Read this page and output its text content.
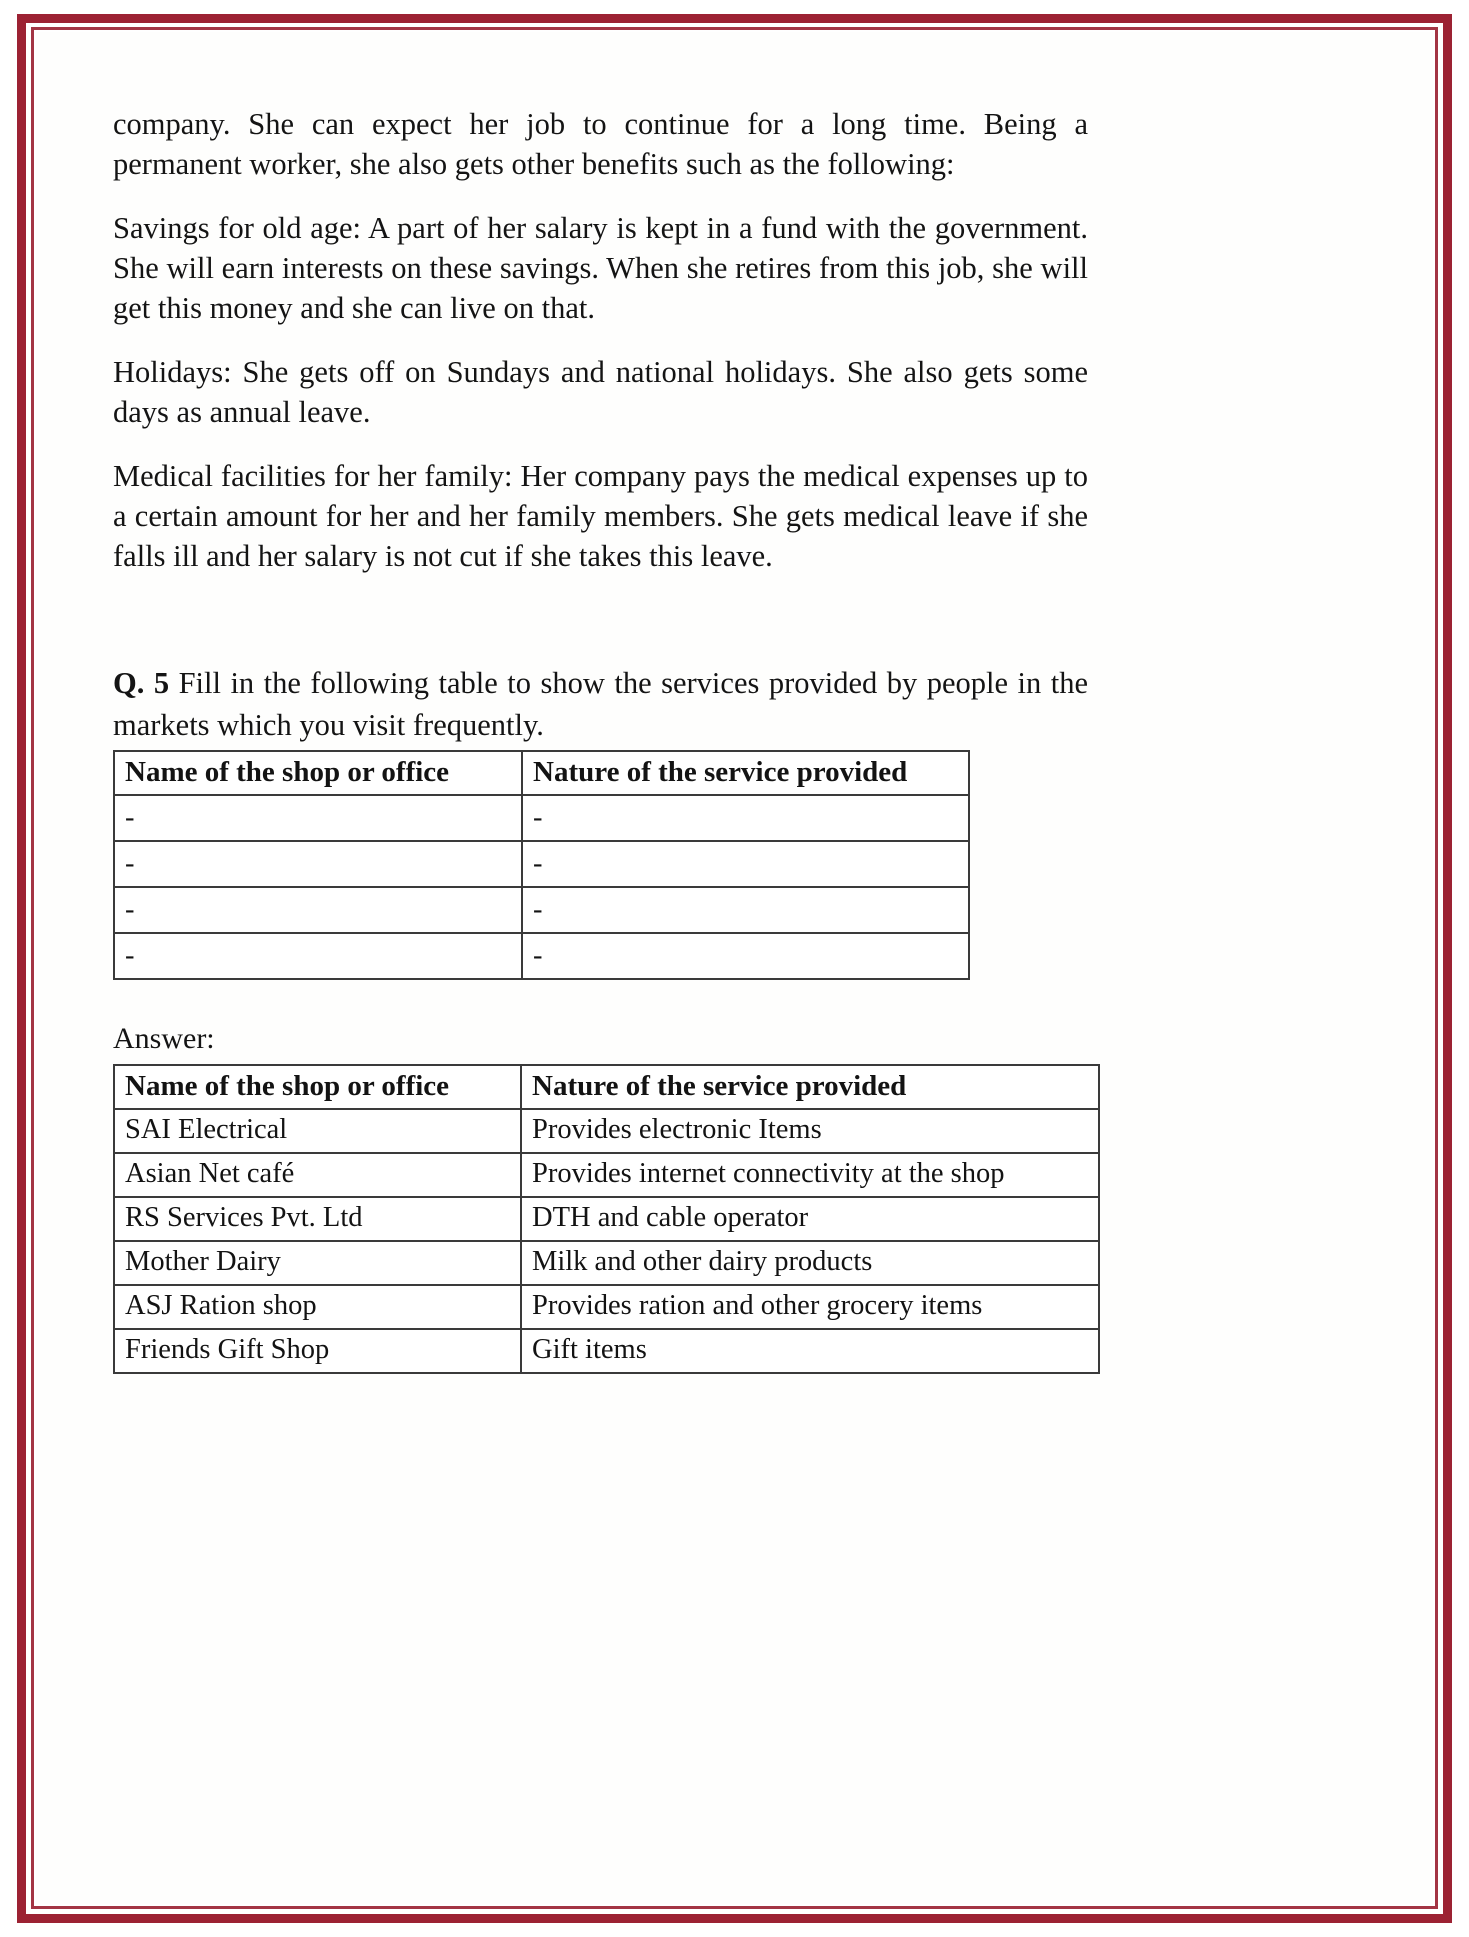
company. She can expect her job to continue for a long time. Being a permanent worker, she also gets other benefits such as the following:

Savings for old age: A part of her salary is kept in a fund with the government. She will earn interests on these savings. When she retires from this job, she will get this money and she can live on that.

Holidays: She gets off on Sundays and national holidays. She also gets some days as annual leave.

Medical facilities for her family: Her company pays the medical expenses up to a certain amount for her and her family members. She gets medical leave if she falls ill and her salary is not cut if she takes this leave.

Q. 5 Fill in the following table to show the services provided by people in the markets which you visit frequently.

Name of the shop or office	Nature of the service provided
-	-
-	-
-	-
-	-

Answer:

Name of the shop or office	Nature of the service provided
SAI Electrical	Provides electronic Items
Asian Net café	Provides internet connectivity at the shop
RS Services Pvt. Ltd	DTH and cable operator
Mother Dairy	Milk and other dairy products
ASJ Ration shop	Provides ration and other grocery items
Friends Gift Shop	Gift items
